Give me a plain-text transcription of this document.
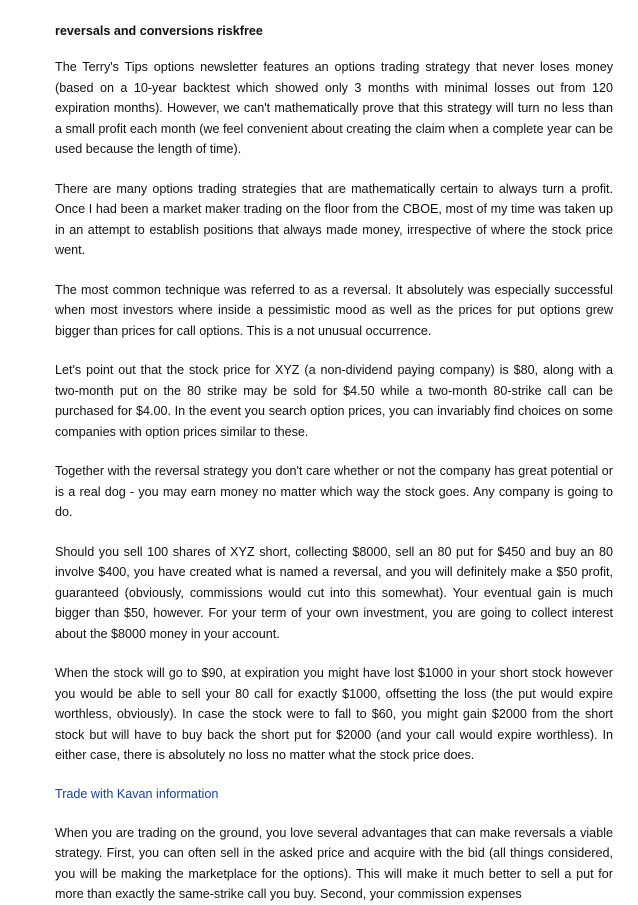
reversals and conversions riskfree

The Terry's Tips options newsletter features an options trading strategy that never loses money (based on a 10-year backtest which showed only 3 months with minimal losses out from 120 expiration months). However, we can't mathematically prove that this strategy will turn no less than a small profit each month (we feel convenient about creating the claim when a complete year can be used because the length of time).

There are many options trading strategies that are mathematically certain to always turn a profit. Once I had been a market maker trading on the floor from the CBOE, most of my time was taken up in an attempt to establish positions that always made money, irrespective of where the stock price went.

The most common technique was referred to as a reversal. It absolutely was especially successful when most investors where inside a pessimistic mood as well as the prices for put options grew bigger than prices for call options. This is a not unusual occurrence.

Let's point out that the stock price for XYZ (a non-dividend paying company) is $80, along with a two-month put on the 80 strike may be sold for $4.50 while a two-month 80-strike call can be purchased for $4.00. In the event you search option prices, you can invariably find choices on some companies with option prices similar to these.

Together with the reversal strategy you don't care whether or not the company has great potential or is a real dog - you may earn money no matter which way the stock goes. Any company is going to do.

Should you sell 100 shares of XYZ short, collecting $8000, sell an 80 put for $450 and buy an 80 involve $400, you have created what is named a reversal, and you will definitely make a $50 profit, guaranteed (obviously, commissions would cut into this somewhat). Your eventual gain is much bigger than $50, however. For your term of your own investment, you are going to collect interest about the $8000 money in your account.

When the stock will go to $90, at expiration you might have lost $1000 in your short stock however you would be able to sell your 80 call for exactly $1000, offsetting the loss (the put would expire worthless, obviously). In case the stock were to fall to $60, you might gain $2000 from the short stock but will have to buy back the short put for $2000 (and your call would expire worthless). In either case, there is absolutely no loss no matter what the stock price does.

Trade with Kavan information

When you are trading on the ground, you love several advantages that can make reversals a viable strategy. First, you can often sell in the asked price and acquire with the bid (all things considered, you will be making the marketplace for the options). This will make it much better to sell a put for more than exactly the same-strike call you buy. Second, your commission expenses
